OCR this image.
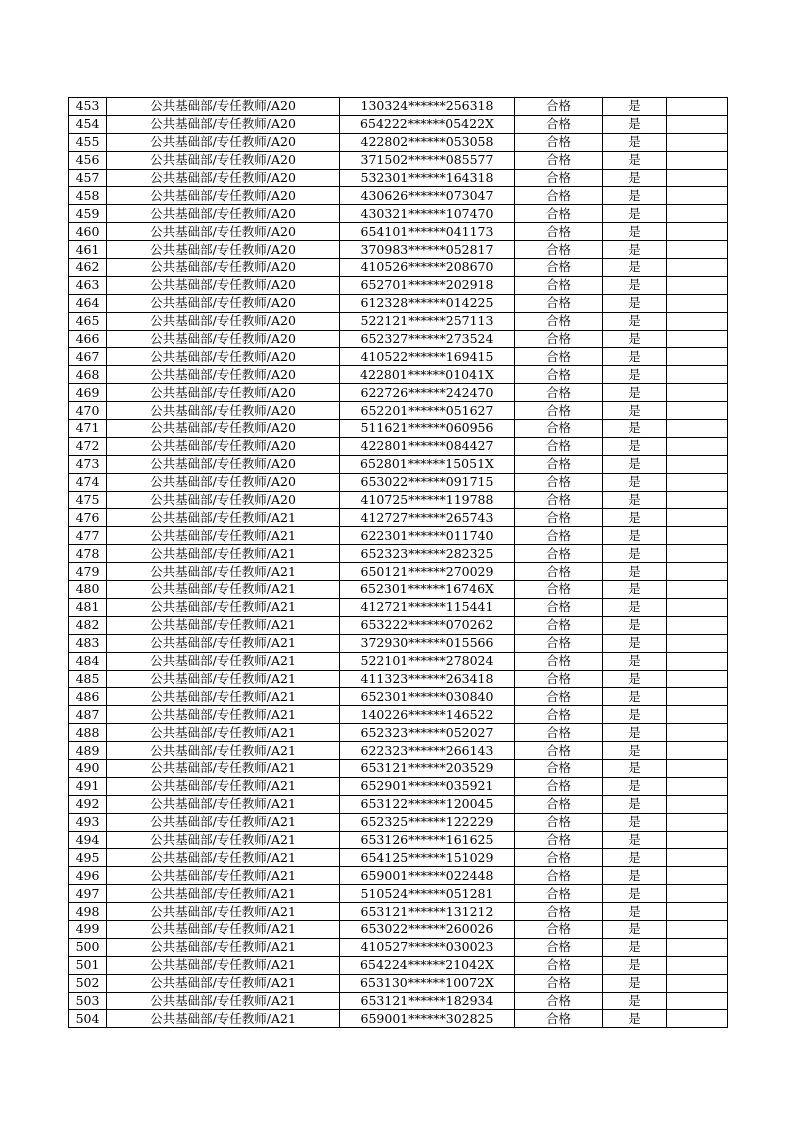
453	公共基础部/专任教师/A20	130324******256318	合格	是	
454	公共基础部/专任教师/A20	654222******05422X	合格	是	
455	公共基础部/专任教师/A20	422802******053058	合格	是	
456	公共基础部/专任教师/A20	371502******085577	合格	是	
457	公共基础部/专任教师/A20	532301******164318	合格	是	
458	公共基础部/专任教师/A20	430626******073047	合格	是	
459	公共基础部/专任教师/A20	430321******107470	合格	是	
460	公共基础部/专任教师/A20	654101******041173	合格	是	
461	公共基础部/专任教师/A20	370983******052817	合格	是	
462	公共基础部/专任教师/A20	410526******208670	合格	是	
463	公共基础部/专任教师/A20	652701******202918	合格	是	
464	公共基础部/专任教师/A20	612328******014225	合格	是	
465	公共基础部/专任教师/A20	522121******257113	合格	是	
466	公共基础部/专任教师/A20	652327******273524	合格	是	
467	公共基础部/专任教师/A20	410522******169415	合格	是	
468	公共基础部/专任教师/A20	422801******01041X	合格	是	
469	公共基础部/专任教师/A20	622726******242470	合格	是	
470	公共基础部/专任教师/A20	652201******051627	合格	是	
471	公共基础部/专任教师/A20	511621******060956	合格	是	
472	公共基础部/专任教师/A20	422801******084427	合格	是	
473	公共基础部/专任教师/A20	652801******15051X	合格	是	
474	公共基础部/专任教师/A20	653022******091715	合格	是	
475	公共基础部/专任教师/A20	410725******119788	合格	是	
476	公共基础部/专任教师/A21	412727******265743	合格	是	
477	公共基础部/专任教师/A21	622301******011740	合格	是	
478	公共基础部/专任教师/A21	652323******282325	合格	是	
479	公共基础部/专任教师/A21	650121******270029	合格	是	
480	公共基础部/专任教师/A21	652301******16746X	合格	是	
481	公共基础部/专任教师/A21	412721******115441	合格	是	
482	公共基础部/专任教师/A21	653222******070262	合格	是	
483	公共基础部/专任教师/A21	372930******015566	合格	是	
484	公共基础部/专任教师/A21	522101******278024	合格	是	
485	公共基础部/专任教师/A21	411323******263418	合格	是	
486	公共基础部/专任教师/A21	652301******030840	合格	是	
487	公共基础部/专任教师/A21	140226******146522	合格	是	
488	公共基础部/专任教师/A21	652323******052027	合格	是	
489	公共基础部/专任教师/A21	622323******266143	合格	是	
490	公共基础部/专任教师/A21	653121******203529	合格	是	
491	公共基础部/专任教师/A21	652901******035921	合格	是	
492	公共基础部/专任教师/A21	653122******120045	合格	是	
493	公共基础部/专任教师/A21	652325******122229	合格	是	
494	公共基础部/专任教师/A21	653126******161625	合格	是	
495	公共基础部/专任教师/A21	654125******151029	合格	是	
496	公共基础部/专任教师/A21	659001******022448	合格	是	
497	公共基础部/专任教师/A21	510524******051281	合格	是	
498	公共基础部/专任教师/A21	653121******131212	合格	是	
499	公共基础部/专任教师/A21	653022******260026	合格	是	
500	公共基础部/专任教师/A21	410527******030023	合格	是	
501	公共基础部/专任教师/A21	654224******21042X	合格	是	
502	公共基础部/专任教师/A21	653130******10072X	合格	是	
503	公共基础部/专任教师/A21	653121******182934	合格	是	
504	公共基础部/专任教师/A21	659001******302825	合格	是	
